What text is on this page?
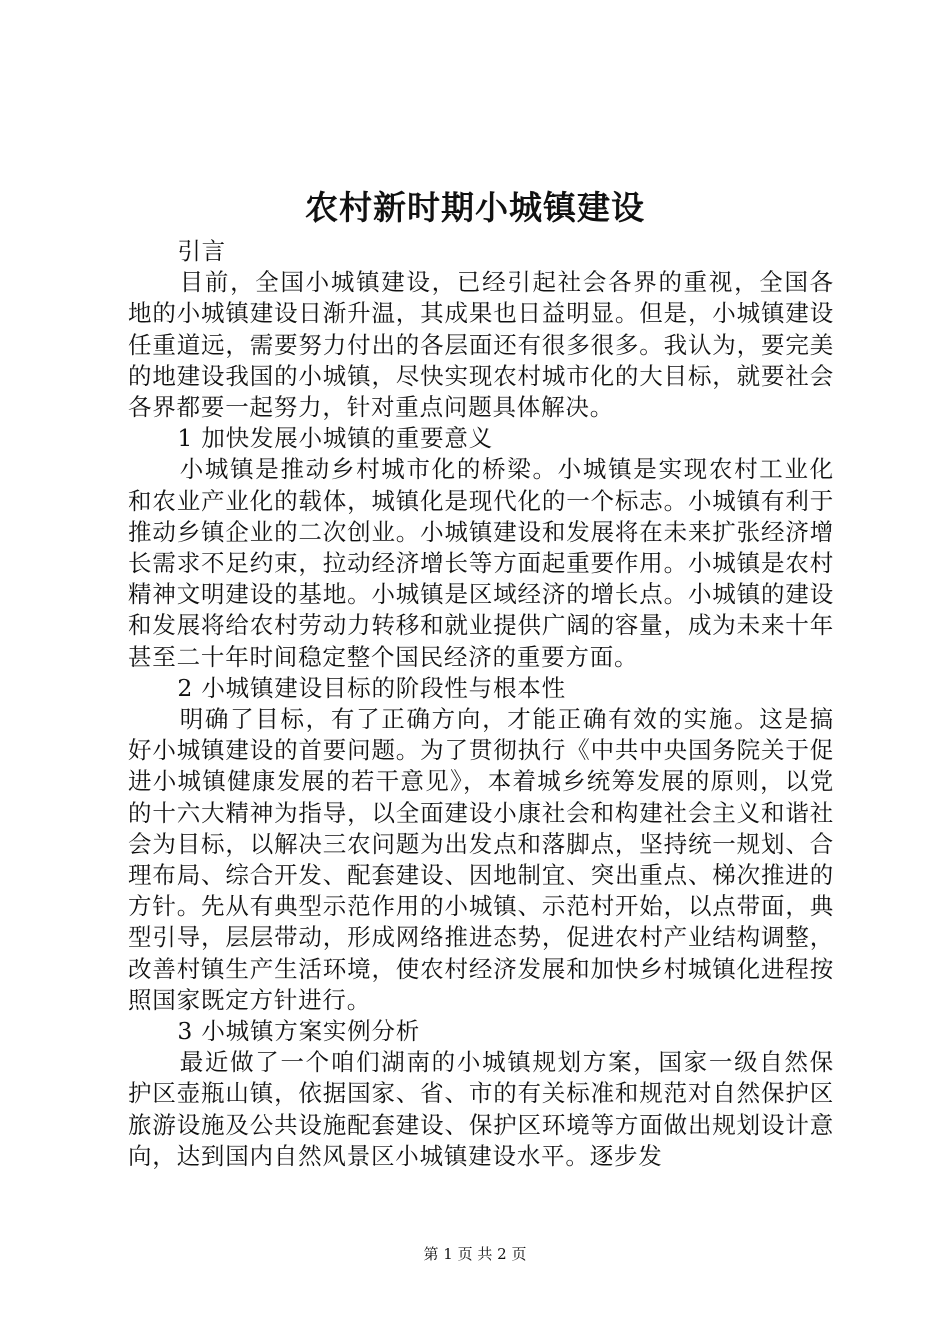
农村新时期小城镇建设

引言

目前，全国小城镇建设，已经引起社会各界的重视，全国各地的小城镇建设日渐升温，其成果也日益明显。但是，小城镇建设任重道远，需要努力付出的各层面还有很多很多。我认为，要完美的地建设我国的小城镇，尽快实现农村城市化的大目标，就要社会各界都要一起努力，针对重点问题具体解决。

1 加快发展小城镇的重要意义

小城镇是推动乡村城市化的桥梁。小城镇是实现农村工业化和农业产业化的载体，城镇化是现代化的一个标志。小城镇有利于推动乡镇企业的二次创业。小城镇建设和发展将在未来扩张经济增长需求不足约束，拉动经济增长等方面起重要作用。小城镇是农村精神文明建设的基地。小城镇是区域经济的增长点。小城镇的建设和发展将给农村劳动力转移和就业提供广阔的容量，成为未来十年甚至二十年时间稳定整个国民经济的重要方面。

2 小城镇建设目标的阶段性与根本性

明确了目标，有了正确方向，才能正确有效的实施。这是搞好小城镇建设的首要问题。为了贯彻执行《中共中央国务院关于促进小城镇健康发展的若干意见》，本着城乡统筹发展的原则，以党的十六大精神为指导，以全面建设小康社会和构建社会主义和谐社会为目标，以解决三农问题为出发点和落脚点，坚持统一规划、合理布局、综合开发、配套建设、因地制宜、突出重点、梯次推进的方针。先从有典型示范作用的小城镇、示范村开始，以点带面，典型引导，层层带动，形成网络推进态势，促进农村产业结构调整，改善村镇生产生活环境，使农村经济发展和加快乡村城镇化进程按照国家既定方针进行。

3 小城镇方案实例分析

最近做了一个咱们湖南的小城镇规划方案，国家一级自然保护区壶瓶山镇，依据国家、省、市的有关标准和规范对自然保护区旅游设施及公共设施配套建设、保护区环境等方面做出规划设计意向，达到国内自然风景区小城镇建设水平。逐步发

第 1 页 共 2 页
